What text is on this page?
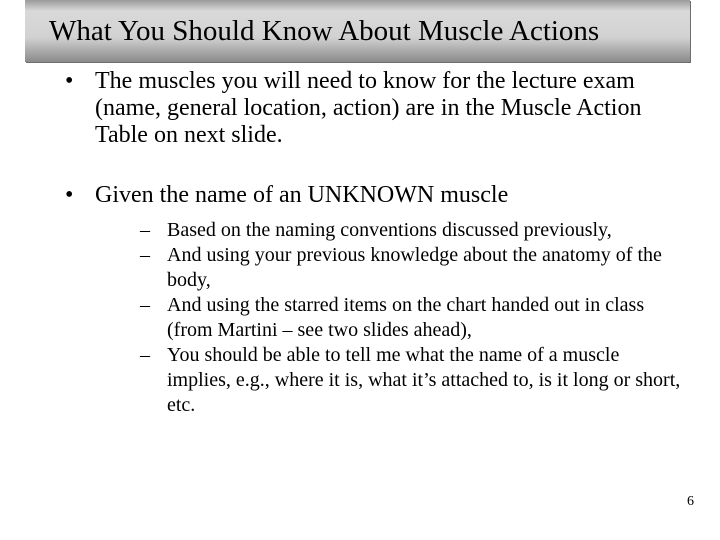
What You Should Know About Muscle Actions
• The muscles you will need to know for the lecture exam (name, general location, action) are in the Muscle Action Table on next slide.
• Given the name of an UNKNOWN muscle
– Based on the naming conventions discussed previously,
– And using your previous knowledge about the anatomy of the body,
– And using the starred items on the chart handed out in class (from Martini – see two slides ahead),
– You should be able to tell me what the name of a muscle implies, e.g., where it is, what it’s attached to, is it long or short, etc.
6
